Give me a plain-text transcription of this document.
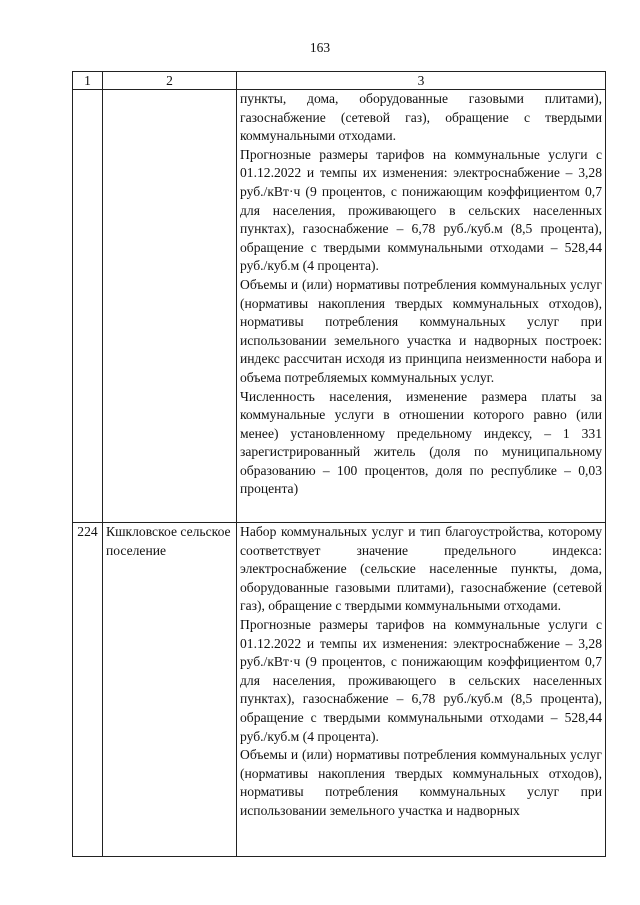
163
1	2	3

		пункты, дома, оборудованные газовыми плитами), газоснабжение (сетевой газ), обращение с твердыми коммунальными отходами.

Прогнозные размеры тарифов на коммунальные услуги с 01.12.2022 и темпы их изменения: электроснабжение – 3,28 руб./кВт·ч (9 процентов, с понижающим коэффициентом 0,7 для населения, проживающего в сельских населенных пунктах), газоснабжение – 6,78 руб./куб.м (8,5 процента), обращение с твердыми коммунальными отходами – 528,44 руб./куб.м (4 процента).

Объемы и (или) нормативы потребления коммунальных услуг (нормативы накопления твердых коммунальных отходов), нормативы потребления коммунальных услуг при использовании земельного участка и надворных построек: индекс рассчитан исходя из принципа неизменности набора и объема потребляемых коммунальных услуг.

Численность населения, изменение размера платы за коммунальные услуги в отношении которого равно (или менее) установленному предельному индексу, – 1 331 зарегистрированный житель (доля по муниципальному образованию – 100 процентов, доля по республике – 0,03 процента)

224	Кшкловское сельское поселение	Набор коммунальных услуг и тип благоустройства, которому соответствует значение предельного индекса: электроснабжение (сельские населенные пункты, дома, оборудованные газовыми плитами), газоснабжение (сетевой газ), обращение с твердыми коммунальными отходами.

Прогнозные размеры тарифов на коммунальные услуги с 01.12.2022 и темпы их изменения: электроснабжение – 3,28 руб./кВт·ч (9 процентов, с понижающим коэффициентом 0,7 для населения, проживающего в сельских населенных пунктах), газоснабжение – 6,78 руб./куб.м (8,5 процента), обращение с твердыми коммунальными отходами – 528,44 руб./куб.м (4 процента).

Объемы и (или) нормативы потребления коммунальных услуг (нормативы накопления твердых коммунальных отходов), нормативы потребления коммунальных услуг при использовании земельного участка и надворных
